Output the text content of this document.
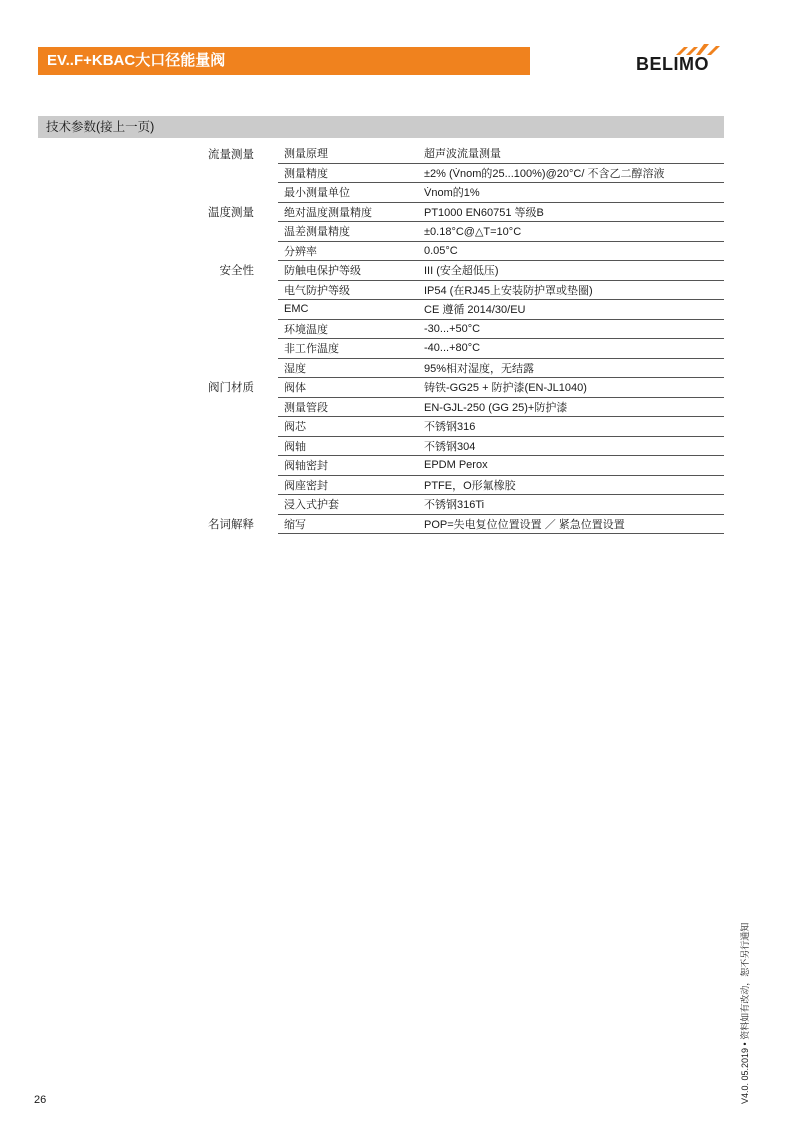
EV..F+KBAC大口径能量阀	BELIMO
技术参数(接上一页)
流量测量	测量原理	超声波流量测量
	测量精度	±2% (V̇nom的25...100%)@20°C/ 不含乙二醇溶液
	最小测量单位	V̇nom的1%
温度测量	绝对温度测量精度	PT1000 EN60751 等级B
	温差测量精度	±0.18°C@△T=10°C
	分辨率	0.05°C
安全性	防触电保护等级	III (安全超低压)
	电气防护等级	IP54 (在RJ45上安装防护罩或垫圈)
	EMC	CE 遵循 2014/30/EU
	环境温度	-30...+50°C
	非工作温度	-40...+80°C
	湿度	95%相对湿度，无结露
阀门材质	阀体	铸铁-GG25 + 防护漆(EN-JL1040)
	测量管段	EN-GJL-250 (GG 25)+防护漆
	阀芯	不锈钢316
	阀轴	不锈钢304
	阀轴密封	EPDM Perox
	阀座密封	PTFE，O形氟橡胶
	浸入式护套	不锈钢316Ti
名词解释	缩写	POP=失电复位位置设置 ／ 紧急位置设置
26	V4.0. 05.2019 • 资料如有改动，恕不另行通知
